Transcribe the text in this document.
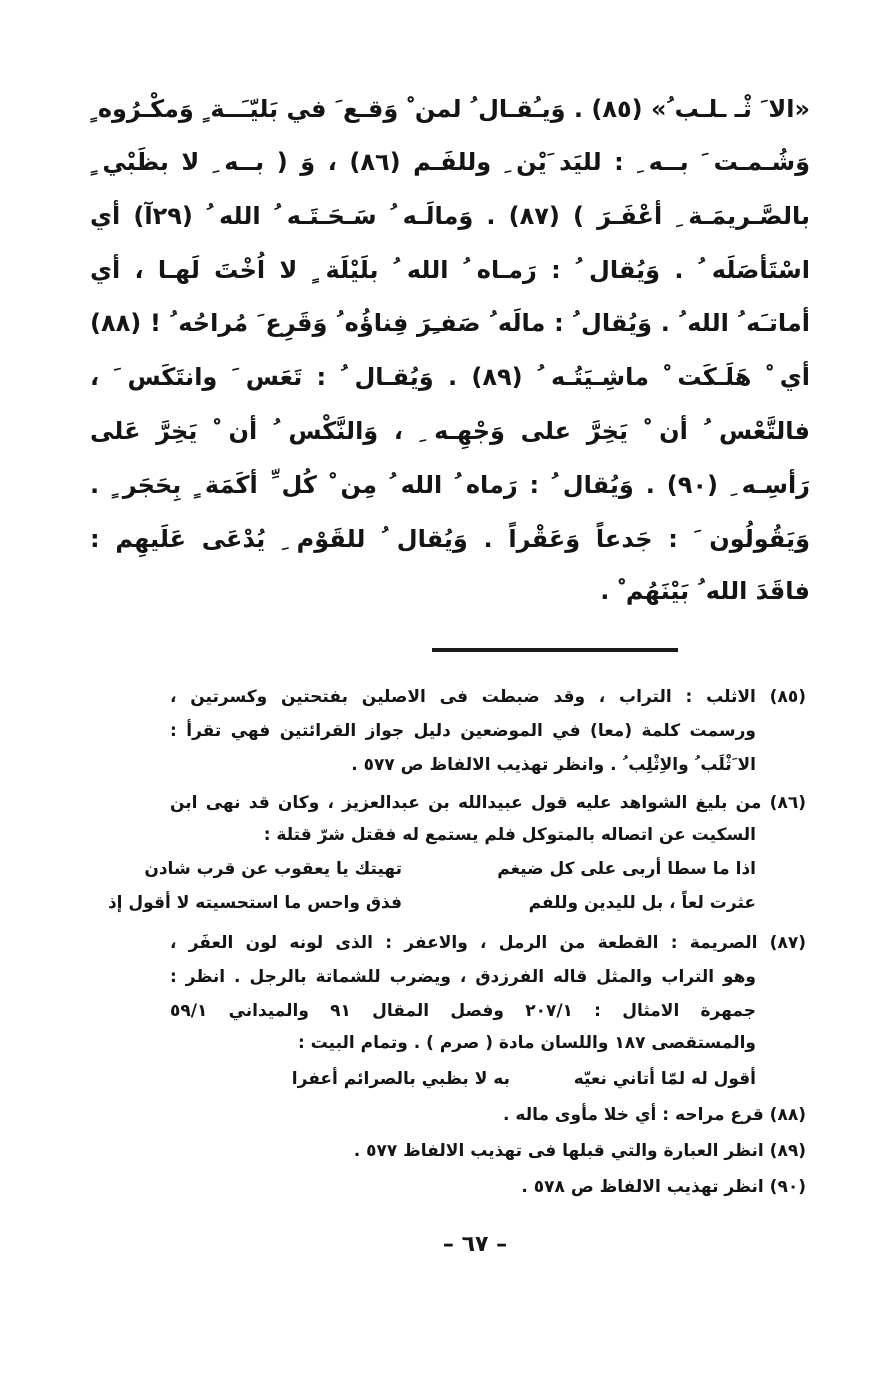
«الا َ ثْـ ـلـب ُ» (٨٥) . وَيـُقـال ُ لمن ْ وَقـع َ في بَليّـَــة ٍ وَمكْـرُوه ٍ
وَشُـمـت َ بــه ِ : لليَد َيْن ِ وللفَـم (٨٦) ، وَ ( بــه ِ لا بظَبْي ٍ
بالصَّـريمَـة ِ أعْفَـرَ ) (٨٧) . وَمالَـه ُ سَـحَـتَـه ُ الله ُ (٢٩آ) أي
اسْتَأصَلَه ُ . وَيُقال ُ : رَمـاه ُ الله ُ بلَيْلَة ٍ لا اُخْتَ لَهـا ، أي
أماتـَه ُ الله ُ . وَيُقال ُ : مالَه ُ صَفـِرَ فِناؤُه ُ وَقَرِع َ مُراحُه ُ ! (٨٨)
أي ْ هَلَـكَت ْ ماشِـيَتُـه ُ (٨٩) . وَيُقـال ُ : تَعَس َ وانتَكَس َ ،
فالتَّعْس ُ أن ْ يَخِرَّ على وَجْهِـه ِ ، وَالنَّكْس ُ أن ْ يَخِرَّ عَلى
رَأسِـه ِ (٩٠) . وَيُقال ُ : رَماه ُ الله ُ مِن ْ كُل ِّ أكَمَة ٍ بِحَجَر ٍ .
وَيَقُولُون َ : جَدعاً وَعَقْراً . وَيُقال ُ للقَوْم ِ يُدْعَى عَلَيهِم :
فاقَدَ الله ُ بَيْنَهُم ْ .
(٨٥) الاثلب : التراب ، وقد ضبطت فى الاصلين بفتحتين وكسرتين ،
ورسمت كلمة (معا) في الموضعين دليل جواز القرائتين فهي تقرأ :
الا َثْلَب ُ والاِثْلِب ُ . وانظر تهذيب الالفاظ ص ٥٧٧ .
(٨٦) من بليغ الشواهد عليه قول عبيدالله بن عبدالعزيز ، وكان قد نهى ابن
السكيت عن اتصاله بالمتوكل فلم يستمع له فقتل شرّ قتلة :
تهيتك يا يعقوب عن قرب شادن	اذا ما سطا أربى على كل ضيغم
فذق واحس ما استحسيته لا أقول إذ	عثرت لعاً ، بل لليدين وللفم
(٨٧) الصريمة : القطعة من الرمل ، والاعفر : الذى لونه لون العفَر ،
وهو التراب والمثل قاله الفرزدق ، ويضرب للشماتة بالرجل . انظر :
جمهرة الامثال : ٢٠٧/١ وفصل المقال ٩١ والميداني ٥٩/١
والمستقصى ١٨٧ واللسان مادة ( صرم ) . وتمام البيت :
أقول له لمّا أتاني نعيّه
به لا بظبي بالصرائم أعفرا
(٨٨) قرع مراحه : أي خلا مأوى ماله .
(٨٩) انظر العبارة والتي قبلها فى تهذيب الالفاظ ٥٧٧ .
(٩٠) انظر تهذيب الالفاظ ص ٥٧٨ .
– ٦٧ –
